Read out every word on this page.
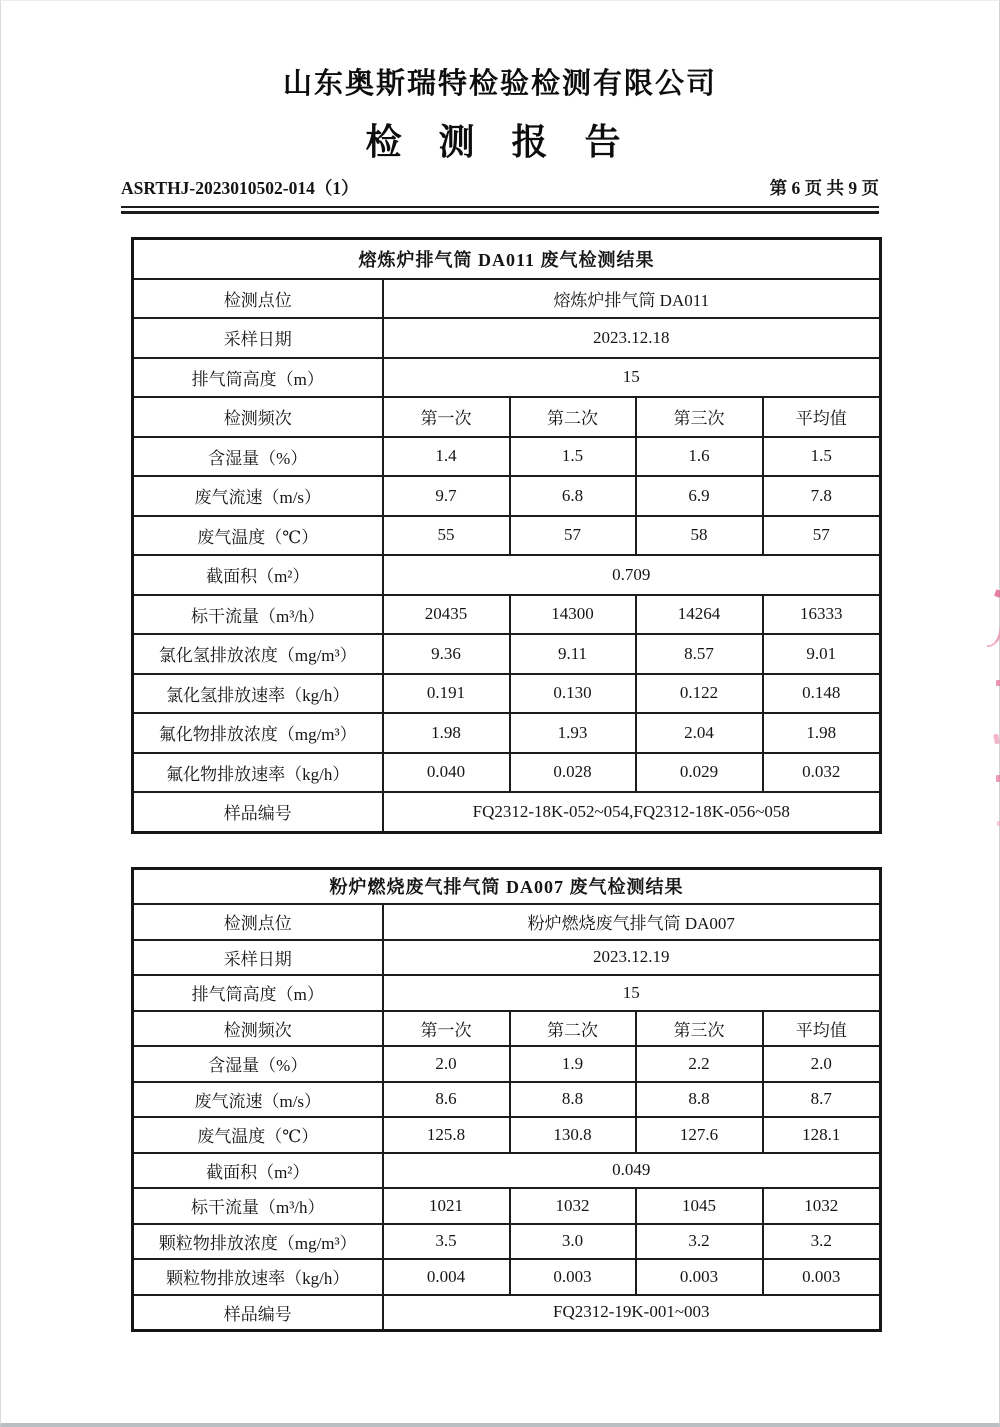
山东奥斯瑞特检验检测有限公司
检 测 报 告
ASRTHJ-2023010502-014（1）	第 6 页 共 9 页
熔炼炉排气筒 DA011 废气检测结果				
检测点位	熔炼炉排气筒 DA011			
采样日期	2023.12.18			
排气筒高度（m）	15			
检测频次	第一次	第二次	第三次	平均值
含湿量（%）	1.4	1.5	1.6	1.5
废气流速（m/s）	9.7	6.8	6.9	7.8
废气温度（℃）	55	57	58	57
截面积（m²）	0.709			
标干流量（m³/h）	20435	14300	14264	16333
氯化氢排放浓度（mg/m³）	9.36	9.11	8.57	9.01
氯化氢排放速率（kg/h）	0.191	0.130	0.122	0.148
氟化物排放浓度（mg/m³）	1.98	1.93	2.04	1.98
氟化物排放速率（kg/h）	0.040	0.028	0.029	0.032
样品编号	FQ2312-18K-052~054,FQ2312-18K-056~058			
粉炉燃烧废气排气筒 DA007 废气检测结果				
检测点位	粉炉燃烧废气排气筒 DA007			
采样日期	2023.12.19			
排气筒高度（m）	15			
检测频次	第一次	第二次	第三次	平均值
含湿量（%）	2.0	1.9	2.2	2.0
废气流速（m/s）	8.6	8.8	8.8	8.7
废气温度（℃）	125.8	130.8	127.6	128.1
截面积（m²）	0.049			
标干流量（m³/h）	1021	1032	1045	1032
颗粒物排放浓度（mg/m³）	3.5	3.0	3.2	3.2
颗粒物排放速率（kg/h）	0.004	0.003	0.003	0.003
样品编号	FQ2312-19K-001~003			
